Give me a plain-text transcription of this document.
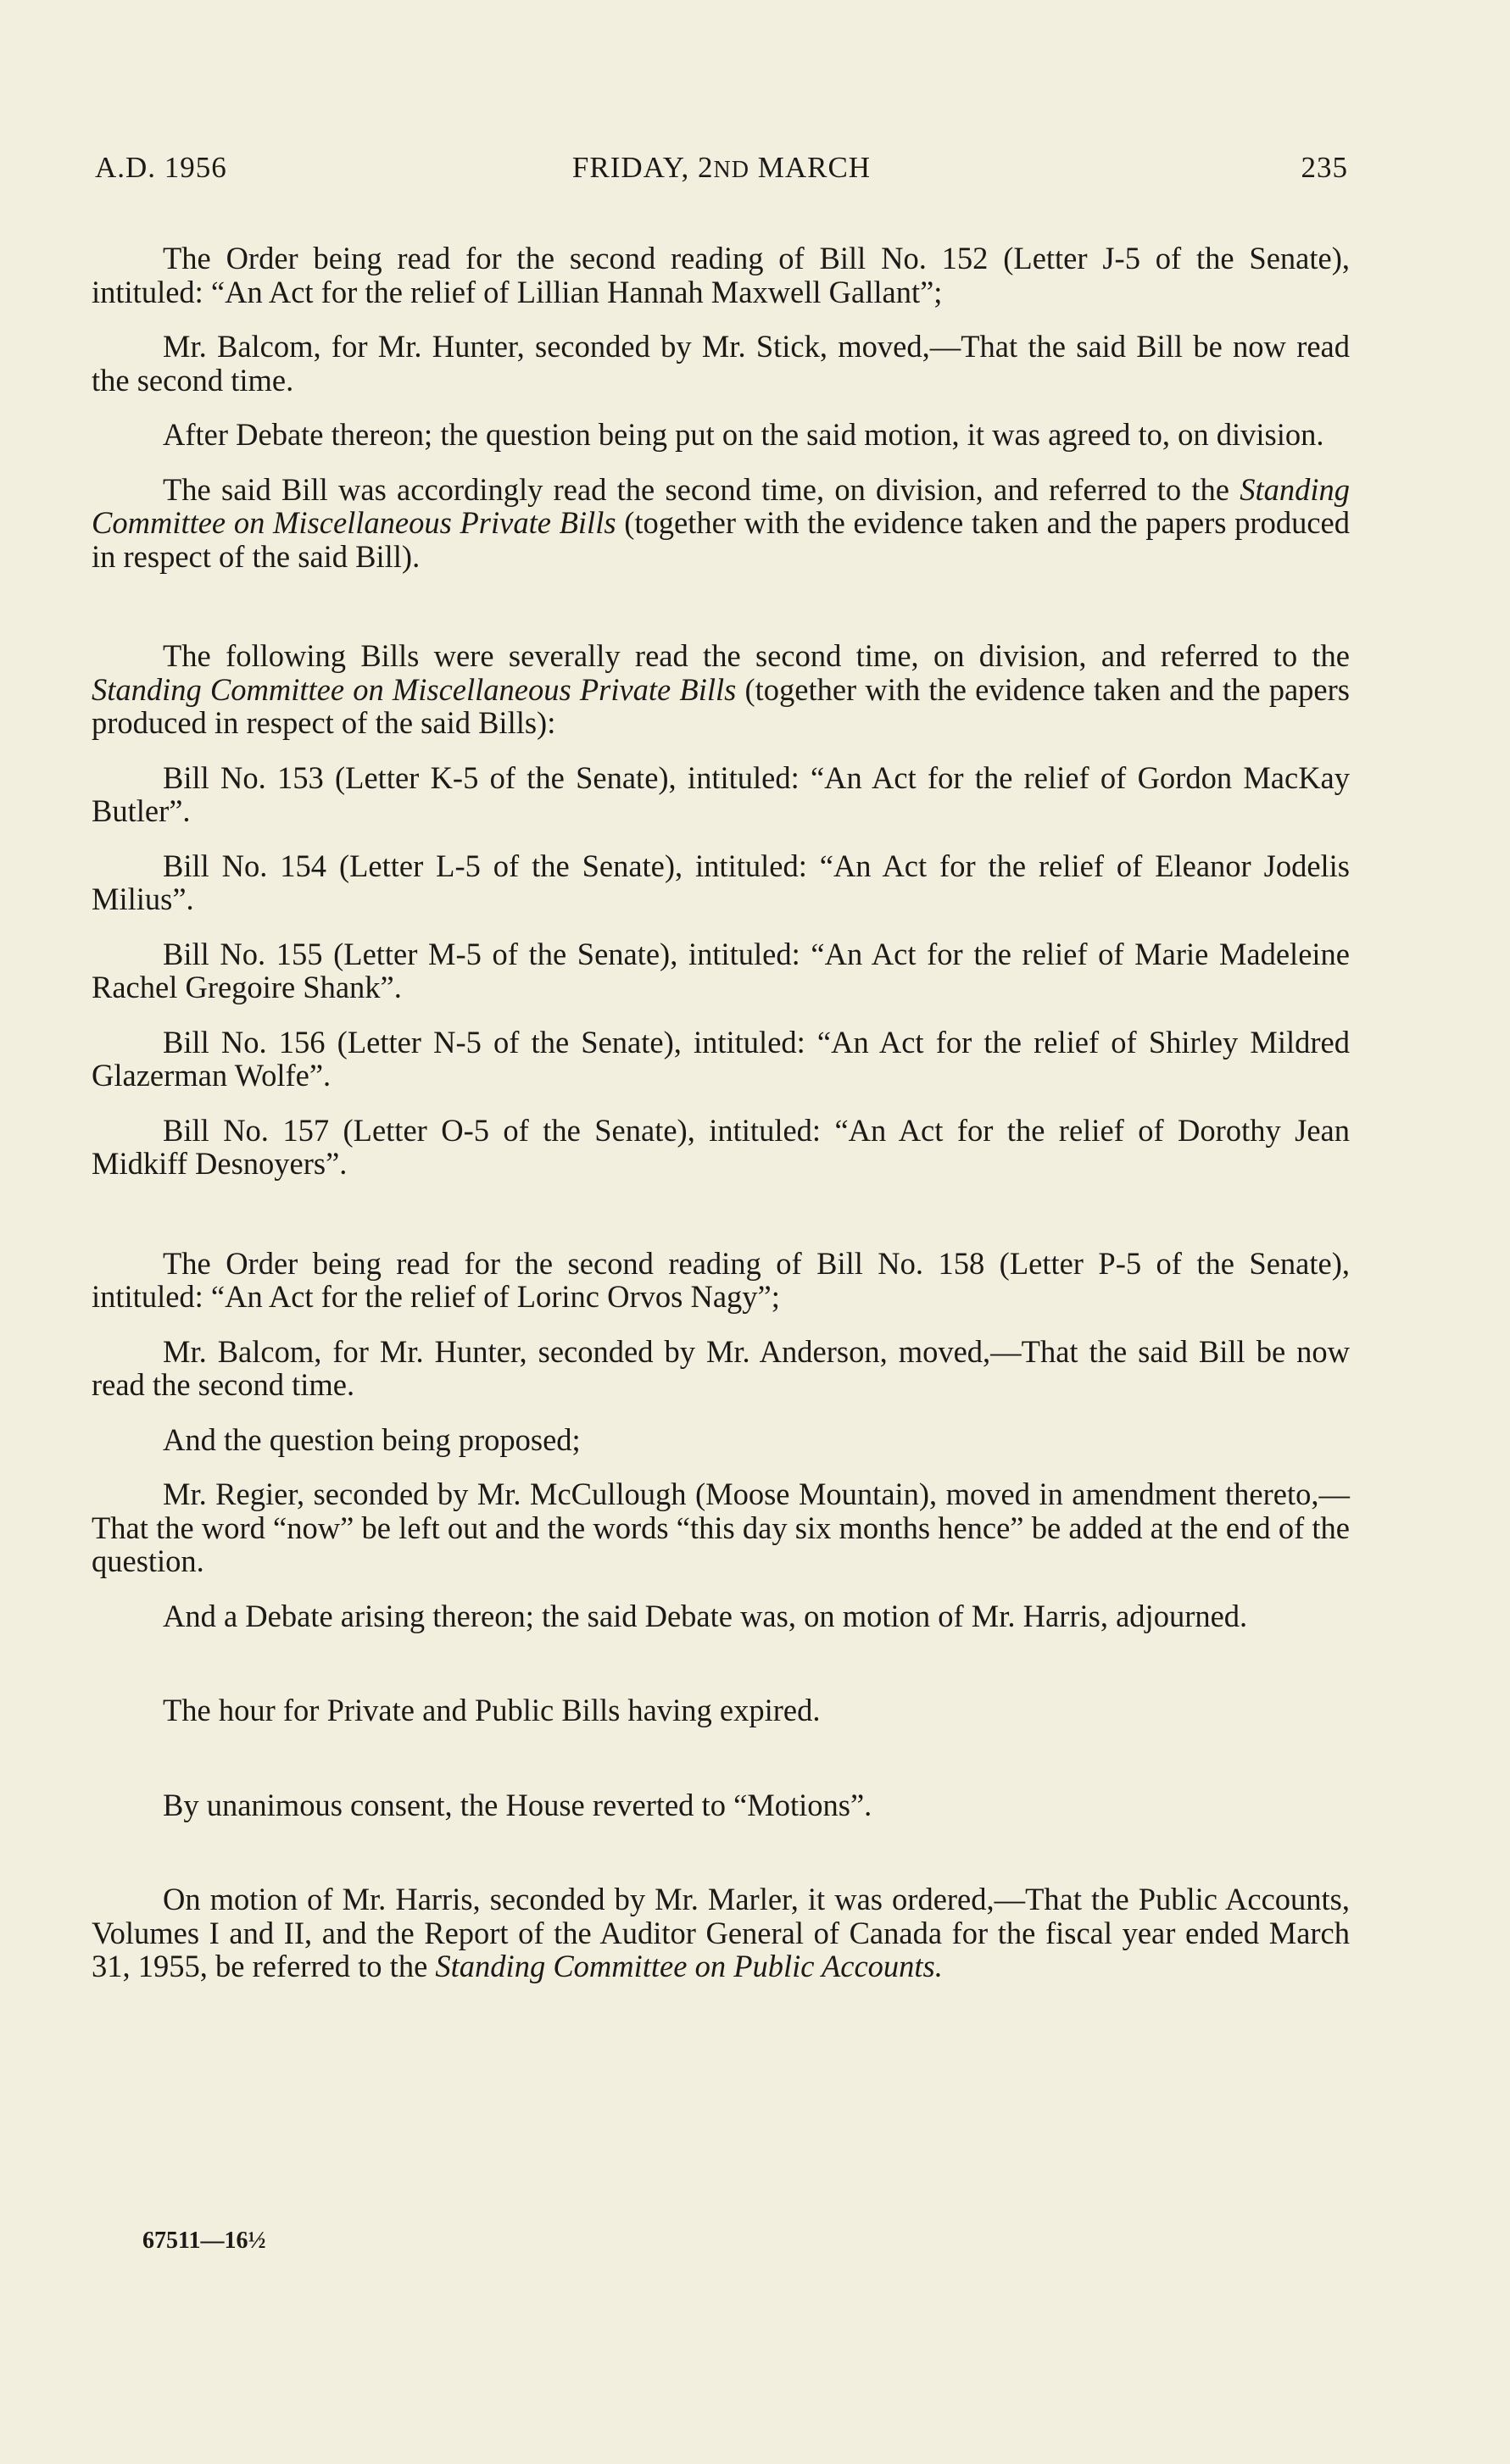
A.D. 1956	FRIDAY, 2ND MARCH	235

The Order being read for the second reading of Bill No. 152 (Letter J-5 of the Senate), intituled: “An Act for the relief of Lillian Hannah Maxwell Gallant”;

Mr. Balcom, for Mr. Hunter, seconded by Mr. Stick, moved,—That the said Bill be now read the second time.

After Debate thereon; the question being put on the said motion, it was agreed to, on division.

The said Bill was accordingly read the second time, on division, and referred to the Standing Committee on Miscellaneous Private Bills (together with the evidence taken and the papers produced in respect of the said Bill).

The following Bills were severally read the second time, on division, and referred to the Standing Committee on Miscellaneous Private Bills (together with the evidence taken and the papers produced in respect of the said Bills):

Bill No. 153 (Letter K-5 of the Senate), intituled: “An Act for the relief of Gordon MacKay Butler”.

Bill No. 154 (Letter L-5 of the Senate), intituled: “An Act for the relief of Eleanor Jodelis Milius”.

Bill No. 155 (Letter M-5 of the Senate), intituled: “An Act for the relief of Marie Madeleine Rachel Gregoire Shank”.

Bill No. 156 (Letter N-5 of the Senate), intituled: “An Act for the relief of Shirley Mildred Glazerman Wolfe”.

Bill No. 157 (Letter O-5 of the Senate), intituled: “An Act for the relief of Dorothy Jean Midkiff Desnoyers”.

The Order being read for the second reading of Bill No. 158 (Letter P-5 of the Senate), intituled: “An Act for the relief of Lorinc Orvos Nagy”;

Mr. Balcom, for Mr. Hunter, seconded by Mr. Anderson, moved,—That the said Bill be now read the second time.

And the question being proposed;

Mr. Regier, seconded by Mr. McCullough (Moose Mountain), moved in amendment thereto,—That the word “now” be left out and the words “this day six months hence” be added at the end of the question.

And a Debate arising thereon; the said Debate was, on motion of Mr. Harris, adjourned.

The hour for Private and Public Bills having expired.

By unanimous consent, the House reverted to “Motions”.

On motion of Mr. Harris, seconded by Mr. Marler, it was ordered,—That the Public Accounts, Volumes I and II, and the Report of the Auditor General of Canada for the fiscal year ended March 31, 1955, be referred to the Standing Committee on Public Accounts.

67511—16½
